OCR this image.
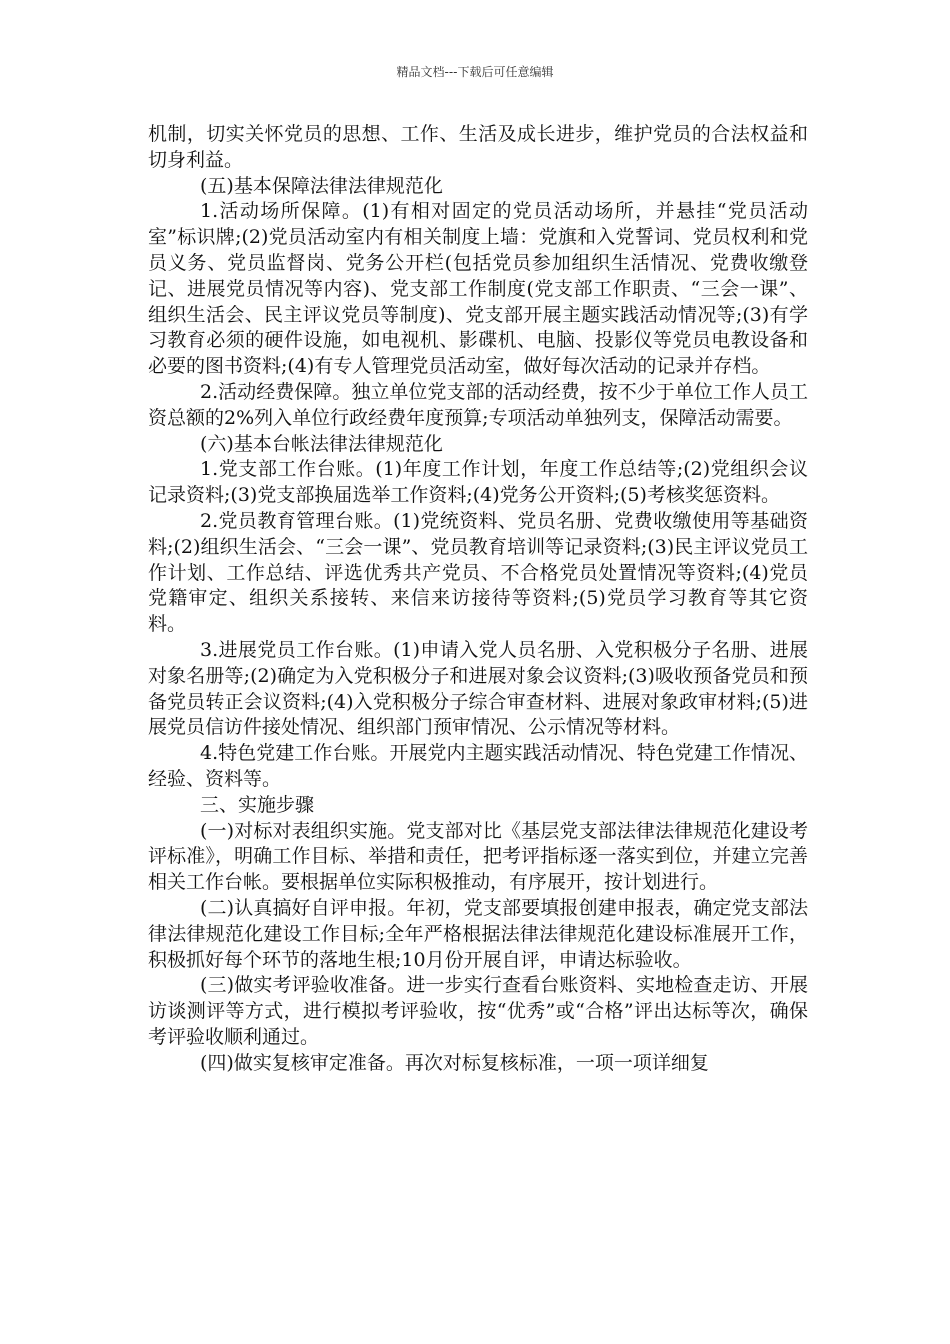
精品文档---下载后可任意编辑

机制，切实关怀党员的思想、工作、生活及成长进步，维护党员的合法权益和切身利益。

(五)基本保障法律法律规范化

1.活动场所保障。(1)有相对固定的党员活动场所，并悬挂“党员活动室”标识牌;(2)党员活动室内有相关制度上墙：党旗和入党誓词、党员权利和党员义务、党员监督岗、党务公开栏(包括党员参加组织生活情况、党费收缴登记、进展党员情况等内容)、党支部工作制度(党支部工作职责、“三会一课”、组织生活会、民主评议党员等制度)、党支部开展主题实践活动情况等;(3)有学习教育必须的硬件设施，如电视机、影碟机、电脑、投影仪等党员电教设备和必要的图书资料;(4)有专人管理党员活动室，做好每次活动的记录并存档。

2.活动经费保障。独立单位党支部的活动经费，按不少于单位工作人员工资总额的2%列入单位行政经费年度预算;专项活动单独列支，保障活动需要。

(六)基本台帐法律法律规范化

1.党支部工作台账。(1)年度工作计划，年度工作总结等;(2)党组织会议记录资料;(3)党支部换届选举工作资料;(4)党务公开资料;(5)考核奖惩资料。

2.党员教育管理台账。(1)党统资料、党员名册、党费收缴使用等基础资料;(2)组织生活会、“三会一课”、党员教育培训等记录资料;(3)民主评议党员工作计划、工作总结、评选优秀共产党员、不合格党员处置情况等资料;(4)党员党籍审定、组织关系接转、来信来访接待等资料;(5)党员学习教育等其它资料。

3.进展党员工作台账。(1)申请入党人员名册、入党积极分子名册、进展对象名册等;(2)确定为入党积极分子和进展对象会议资料;(3)吸收预备党员和预备党员转正会议资料;(4)入党积极分子综合审查材料、进展对象政审材料;(5)进展党员信访件接处情况、组织部门预审情况、公示情况等材料。

4.特色党建工作台账。开展党内主题实践活动情况、特色党建工作情况、经验、资料等。

三、实施步骤

(一)对标对表组织实施。党支部对比《基层党支部法律法律规范化建设考评标准》，明确工作目标、举措和责任，把考评指标逐一落实到位，并建立完善相关工作台帐。要根据单位实际积极推动，有序展开，按计划进行。

(二)认真搞好自评申报。年初，党支部要填报创建申报表，确定党支部法律法律规范化建设工作目标;全年严格根据法律法律规范化建设标准展开工作，积极抓好每个环节的落地生根;10月份开展自评，申请达标验收。

(三)做实考评验收准备。进一步实行查看台账资料、实地检查走访、开展访谈测评等方式，进行模拟考评验收，按“优秀”或“合格”评出达标等次，确保考评验收顺利通过。

(四)做实复核审定准备。再次对标复核标准，一项一项详细复
